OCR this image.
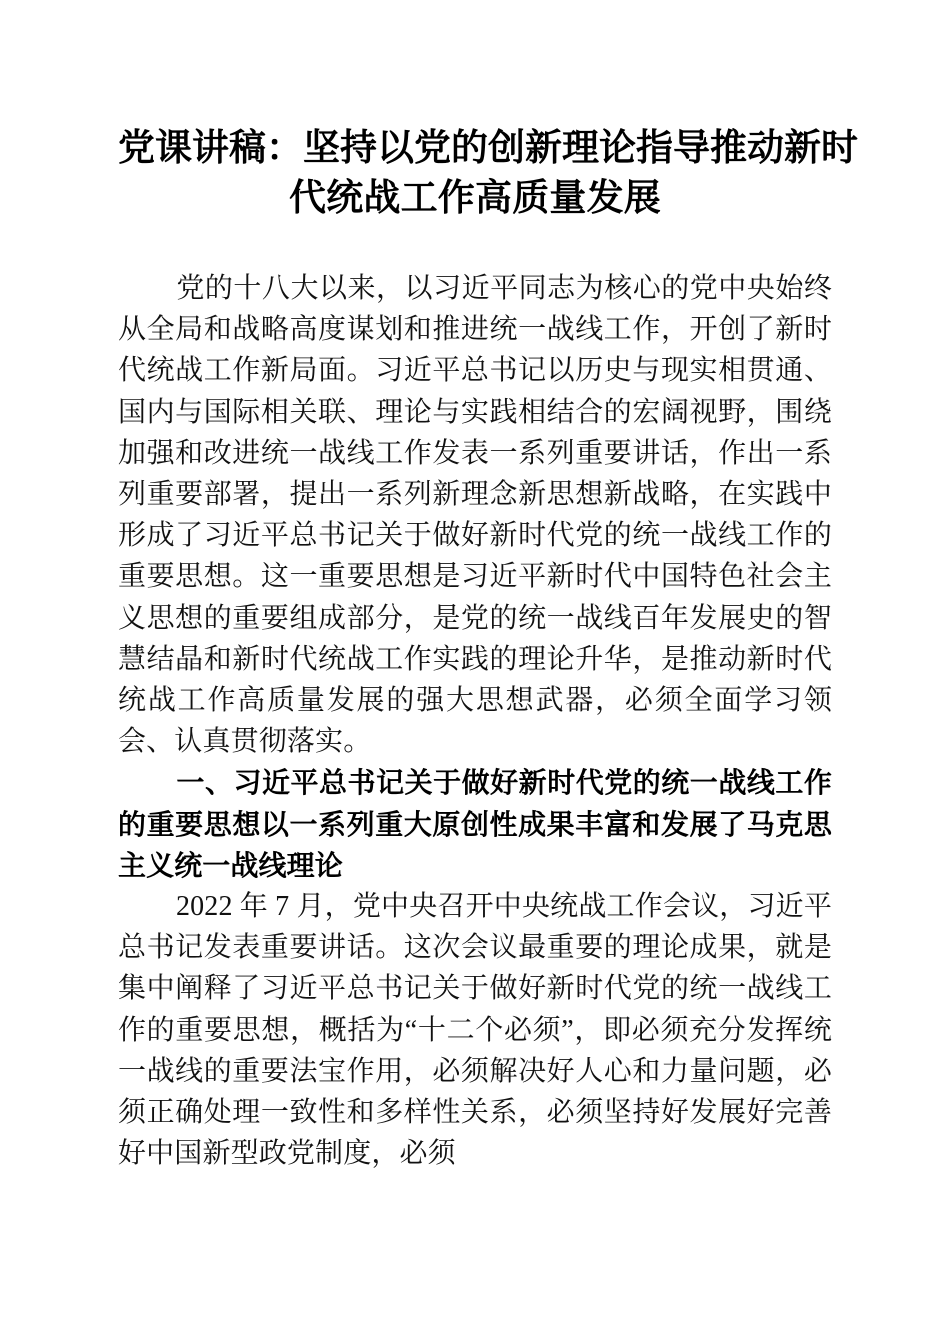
党课讲稿：坚持以党的创新理论指导推动新时
代统战工作高质量发展

党的十八大以来，以习近平同志为核心的党中央始终从全局和战略高度谋划和推进统一战线工作，开创了新时代统战工作新局面。习近平总书记以历史与现实相贯通、国内与国际相关联、理论与实践相结合的宏阔视野，围绕加强和改进统一战线工作发表一系列重要讲话，作出一系列重要部署，提出一系列新理念新思想新战略，在实践中形成了习近平总书记关于做好新时代党的统一战线工作的重要思想。这一重要思想是习近平新时代中国特色社会主义思想的重要组成部分，是党的统一战线百年发展史的智慧结晶和新时代统战工作实践的理论升华，是推动新时代统战工作高质量发展的强大思想武器，必须全面学习领会、认真贯彻落实。

一、习近平总书记关于做好新时代党的统一战线工作的重要思想以一系列重大原创性成果丰富和发展了马克思主义统一战线理论

2022 年 7 月，党中央召开中央统战工作会议，习近平总书记发表重要讲话。这次会议最重要的理论成果，就是集中阐释了习近平总书记关于做好新时代党的统一战线工作的重要思想，概括为“十二个必须”，即必须充分发挥统一战线的重要法宝作用，必须解决好人心和力量问题，必须正确处理一致性和多样性关系，必须坚持好发展好完善好中国新型政党制度，必须
